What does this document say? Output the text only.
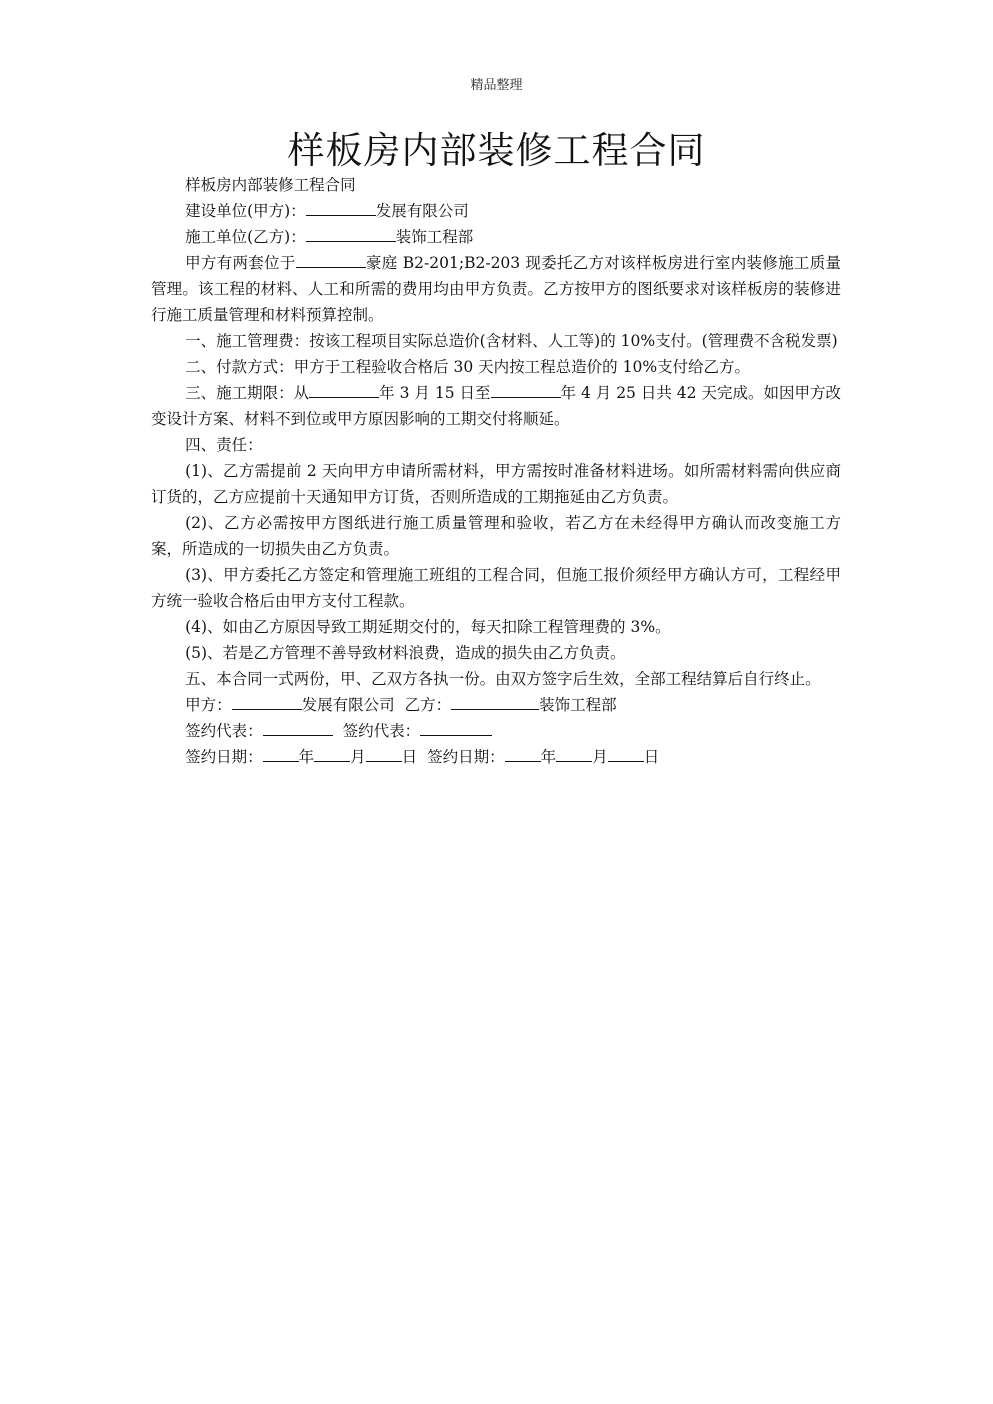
精品整理
样板房内部装修工程合同

样板房内部装修工程合同

建设单位(甲方)：	发展有限公司

施工单位(乙方)：	装饰工程部

甲方有两套位于	豪庭 B2-201;B2-203 现委托乙方对该样板房进行室内装修施工质量管理。该工程的材料、人工和所需的费用均由甲方负责。乙方按甲方的图纸要求对该样板房的装修进行施工质量管理和材料预算控制。

一、施工管理费：按该工程项目实际总造价(含材料、人工等)的 10%支付。(管理费不含税发票)

二、付款方式：甲方于工程验收合格后 30 天内按工程总造价的 10%支付给乙方。

三、施工期限：从	年 3 月 15 日至	年 4 月 25 日共 42 天完成。如因甲方改变设计方案、材料不到位或甲方原因影响的工期交付将顺延。

四、责任：

(1)、乙方需提前 2 天向甲方申请所需材料，甲方需按时准备材料进场。如所需材料需向供应商订货的，乙方应提前十天通知甲方订货，否则所造成的工期拖延由乙方负责。

(2)、乙方必需按甲方图纸进行施工质量管理和验收，若乙方在未经得甲方确认而改变施工方案，所造成的一切损失由乙方负责。

(3)、甲方委托乙方签定和管理施工班组的工程合同，但施工报价须经甲方确认方可，工程经甲方统一验收合格后由甲方支付工程款。

(4)、如由乙方原因导致工期延期交付的，每天扣除工程管理费的 3%。

(5)、若是乙方管理不善导致材料浪费，造成的损失由乙方负责。

五、本合同一式两份，甲、乙双方各执一份。由双方签字后生效，全部工程结算后自行终止。

甲方：	发展有限公司 乙方：	装饰工程部

签约代表：	签约代表：

签约日期： 年 月 日 签约日期： 年 月 日
